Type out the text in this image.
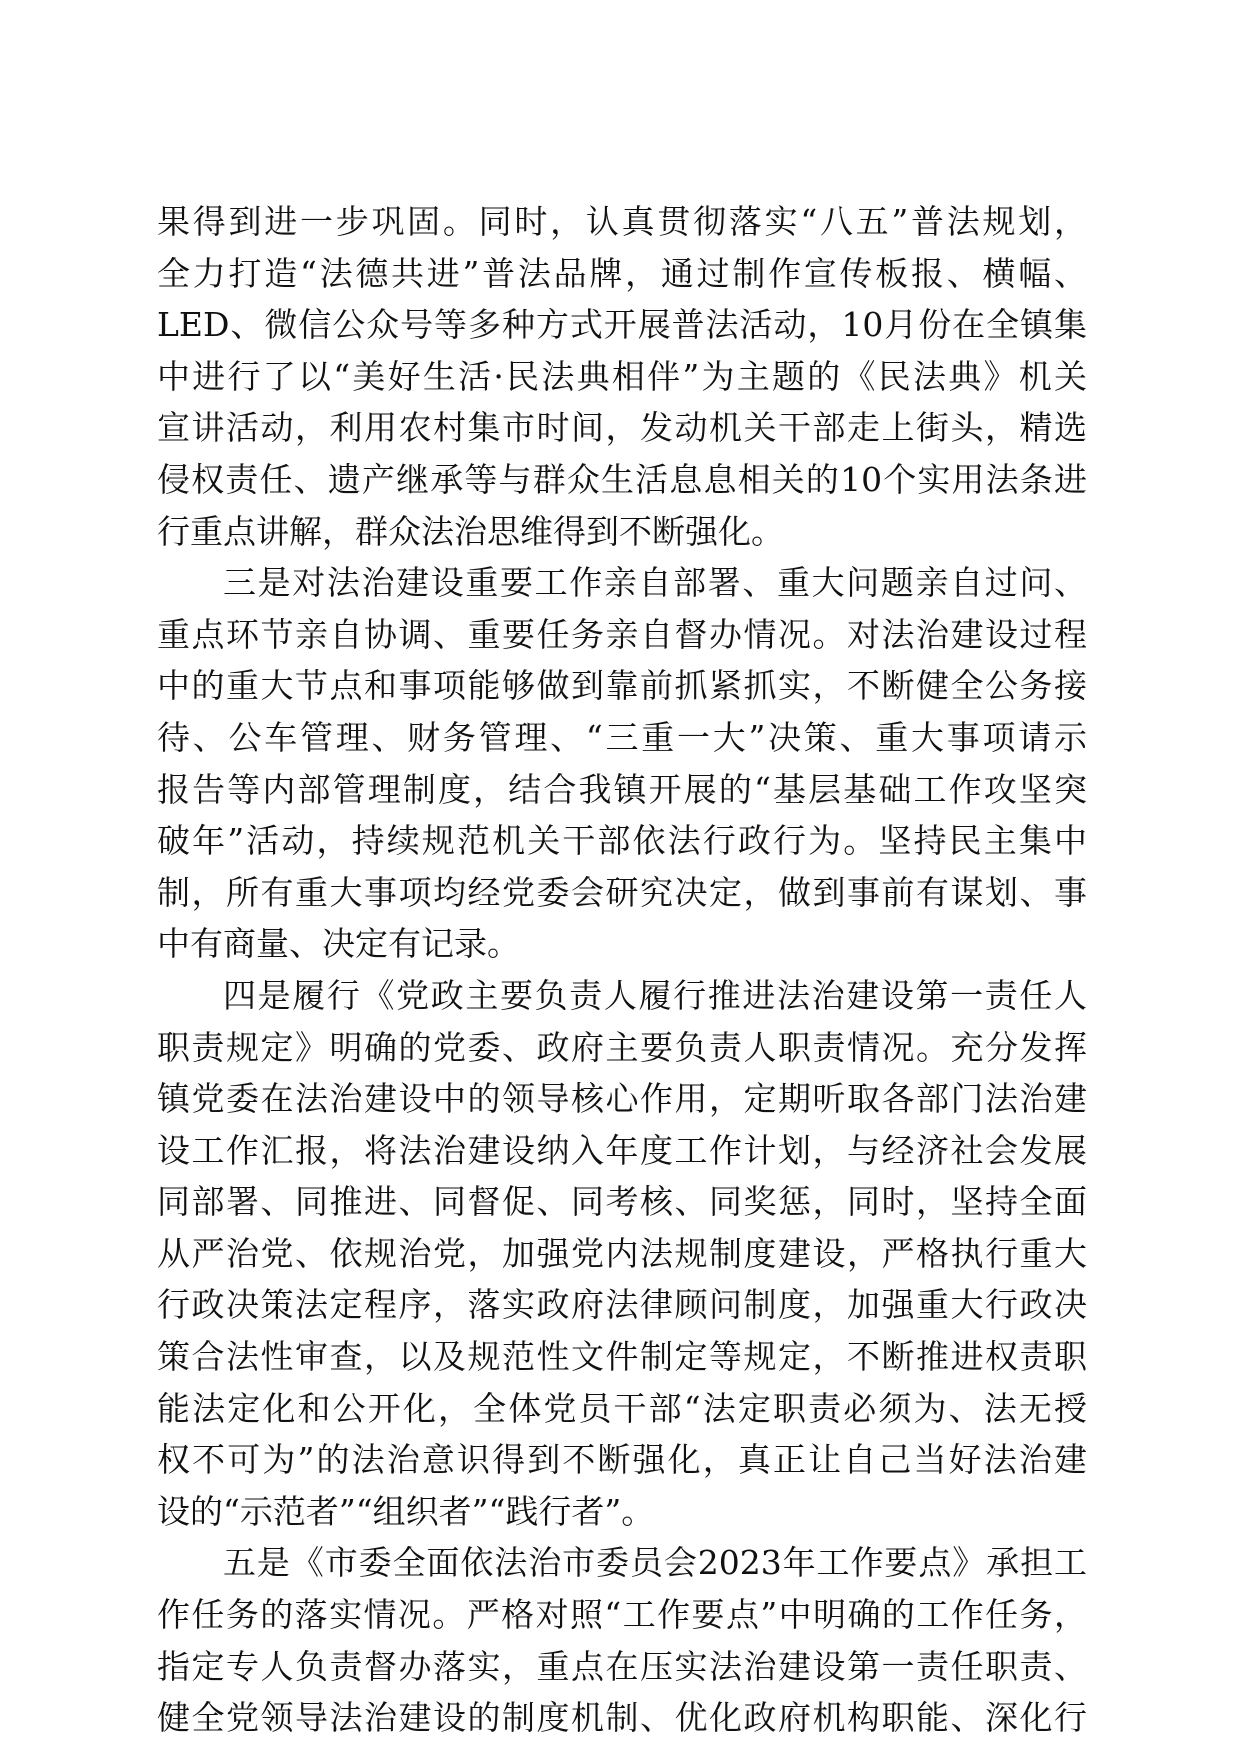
果得到进一步巩固。同时，认真贯彻落实“八五”普法规划，
全力打造“法德共进”普法品牌，通过制作宣传板报、横幅、
LED、微信公众号等多种方式开展普法活动，10月份在全镇集
中进行了以“美好生活·民法典相伴”为主题的《民法典》机关
宣讲活动，利用农村集市时间，发动机关干部走上街头，精选
侵权责任、遗产继承等与群众生活息息相关的10个实用法条进
行重点讲解，群众法治思维得到不断强化。
三是对法治建设重要工作亲自部署、重大问题亲自过问、
重点环节亲自协调、重要任务亲自督办情况。对法治建设过程
中的重大节点和事项能够做到靠前抓紧抓实，不断健全公务接
待、公车管理、财务管理、“三重一大”决策、重大事项请示
报告等内部管理制度，结合我镇开展的“基层基础工作攻坚突
破年”活动，持续规范机关干部依法行政行为。坚持民主集中
制，所有重大事项均经党委会研究决定，做到事前有谋划、事
中有商量、决定有记录。
四是履行《党政主要负责人履行推进法治建设第一责任人
职责规定》明确的党委、政府主要负责人职责情况。充分发挥
镇党委在法治建设中的领导核心作用，定期听取各部门法治建
设工作汇报，将法治建设纳入年度工作计划，与经济社会发展
同部署、同推进、同督促、同考核、同奖惩，同时，坚持全面
从严治党、依规治党，加强党内法规制度建设，严格执行重大
行政决策法定程序，落实政府法律顾问制度，加强重大行政决
策合法性审查，以及规范性文件制定等规定，不断推进权责职
能法定化和公开化，全体党员干部“法定职责必须为、法无授
权不可为”的法治意识得到不断强化，真正让自己当好法治建
设的“示范者”“组织者”“践行者”。
五是《市委全面依法治市委员会2023年工作要点》承担工
作任务的落实情况。严格对照“工作要点”中明确的工作任务，
指定专人负责督办落实，重点在压实法治建设第一责任职责、
健全党领导法治建设的制度机制、优化政府机构职能、深化行
